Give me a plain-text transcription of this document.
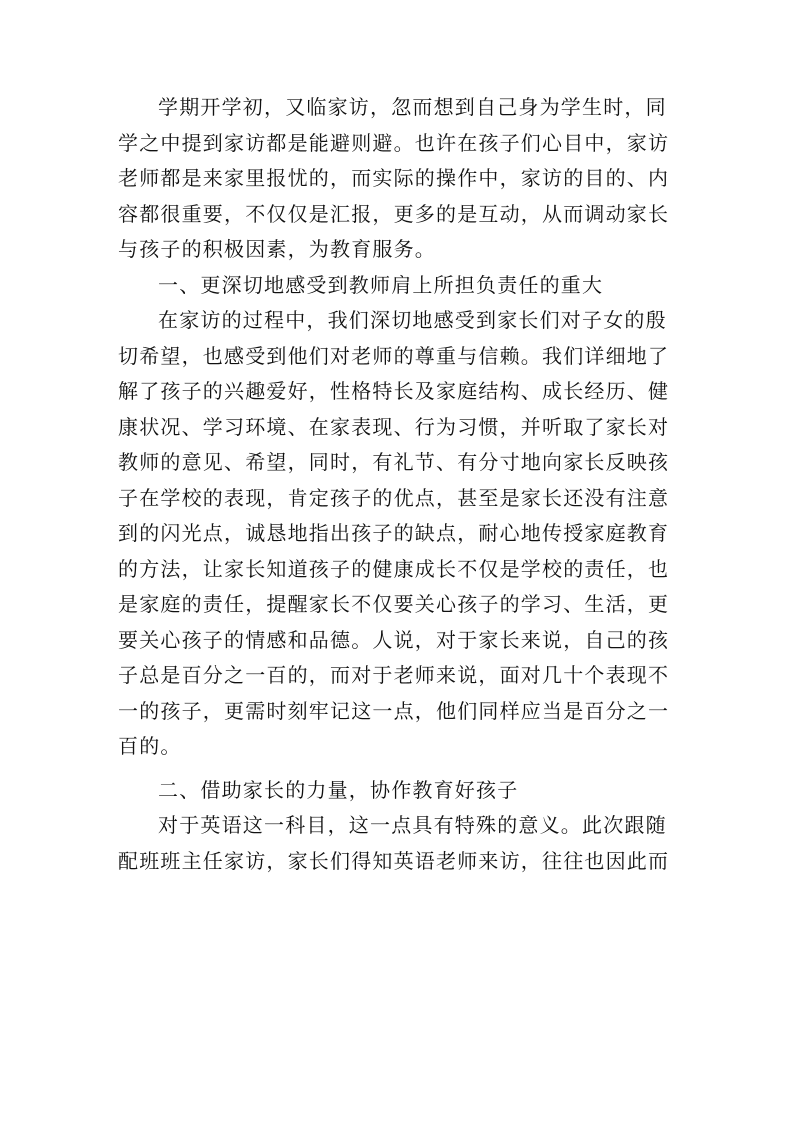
学期开学初，又临家访，忽而想到自己身为学生时，同学之中提到家访都是能避则避。也许在孩子们心目中，家访老师都是来家里报忧的，而实际的操作中，家访的目的、内容都很重要，不仅仅是汇报，更多的是互动，从而调动家长与孩子的积极因素，为教育服务。

一、更深切地感受到教师肩上所担负责任的重大

在家访的过程中，我们深切地感受到家长们对子女的殷切希望，也感受到他们对老师的尊重与信赖。我们详细地了解了孩子的兴趣爱好，性格特长及家庭结构、成长经历、健康状况、学习环境、在家表现、行为习惯，并听取了家长对教师的意见、希望，同时，有礼节、有分寸地向家长反映孩子在学校的表现，肯定孩子的优点，甚至是家长还没有注意到的闪光点，诚恳地指出孩子的缺点，耐心地传授家庭教育的方法，让家长知道孩子的健康成长不仅是学校的责任，也是家庭的责任，提醒家长不仅要关心孩子的学习、生活，更要关心孩子的情感和品德。人说，对于家长来说，自己的孩子总是百分之一百的，而对于老师来说，面对几十个表现不一的孩子，更需时刻牢记这一点，他们同样应当是百分之一百的。

二、借助家长的力量，协作教育好孩子

对于英语这一科目，这一点具有特殊的意义。此次跟随配班班主任家访，家长们得知英语老师来访，往往也因此而
